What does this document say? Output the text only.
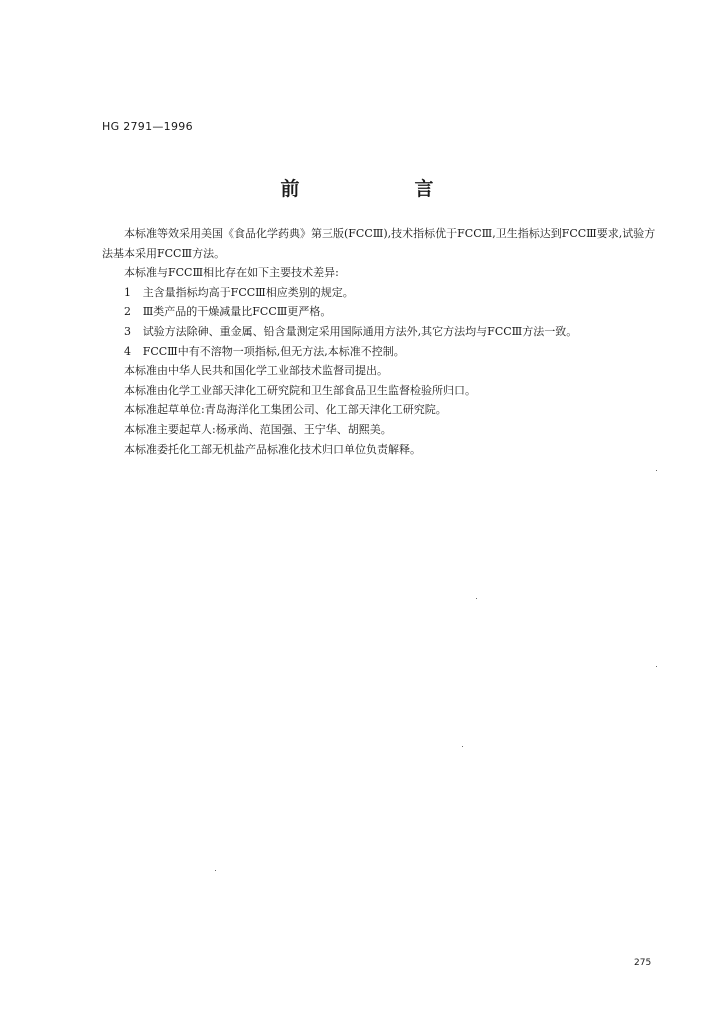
HG 2791—1996
前　言

本标准等效采用美国《食品化学药典》第三版(FCCⅢ),技术指标优于FCCⅢ,卫生指标达到FCCⅢ要求,试验方法基本采用FCCⅢ方法。

本标准与FCCⅢ相比存在如下主要技术差异:

1 主含量指标均高于FCCⅢ相应类别的规定。

2 Ⅲ类产品的干燥减量比FCCⅢ更严格。

3 试验方法除砷、重金属、铅含量测定采用国际通用方法外,其它方法均与FCCⅢ方法一致。

4 FCCⅢ中有不溶物一项指标,但无方法,本标准不控制。

本标准由中华人民共和国化学工业部技术监督司提出。

本标准由化学工业部天津化工研究院和卫生部食品卫生监督检验所归口。

本标准起草单位:青岛海洋化工集团公司、化工部天津化工研究院。

本标准主要起草人:杨承尚、范国强、王宁华、胡熙美。

本标准委托化工部无机盐产品标准化技术归口单位负责解释。

275
